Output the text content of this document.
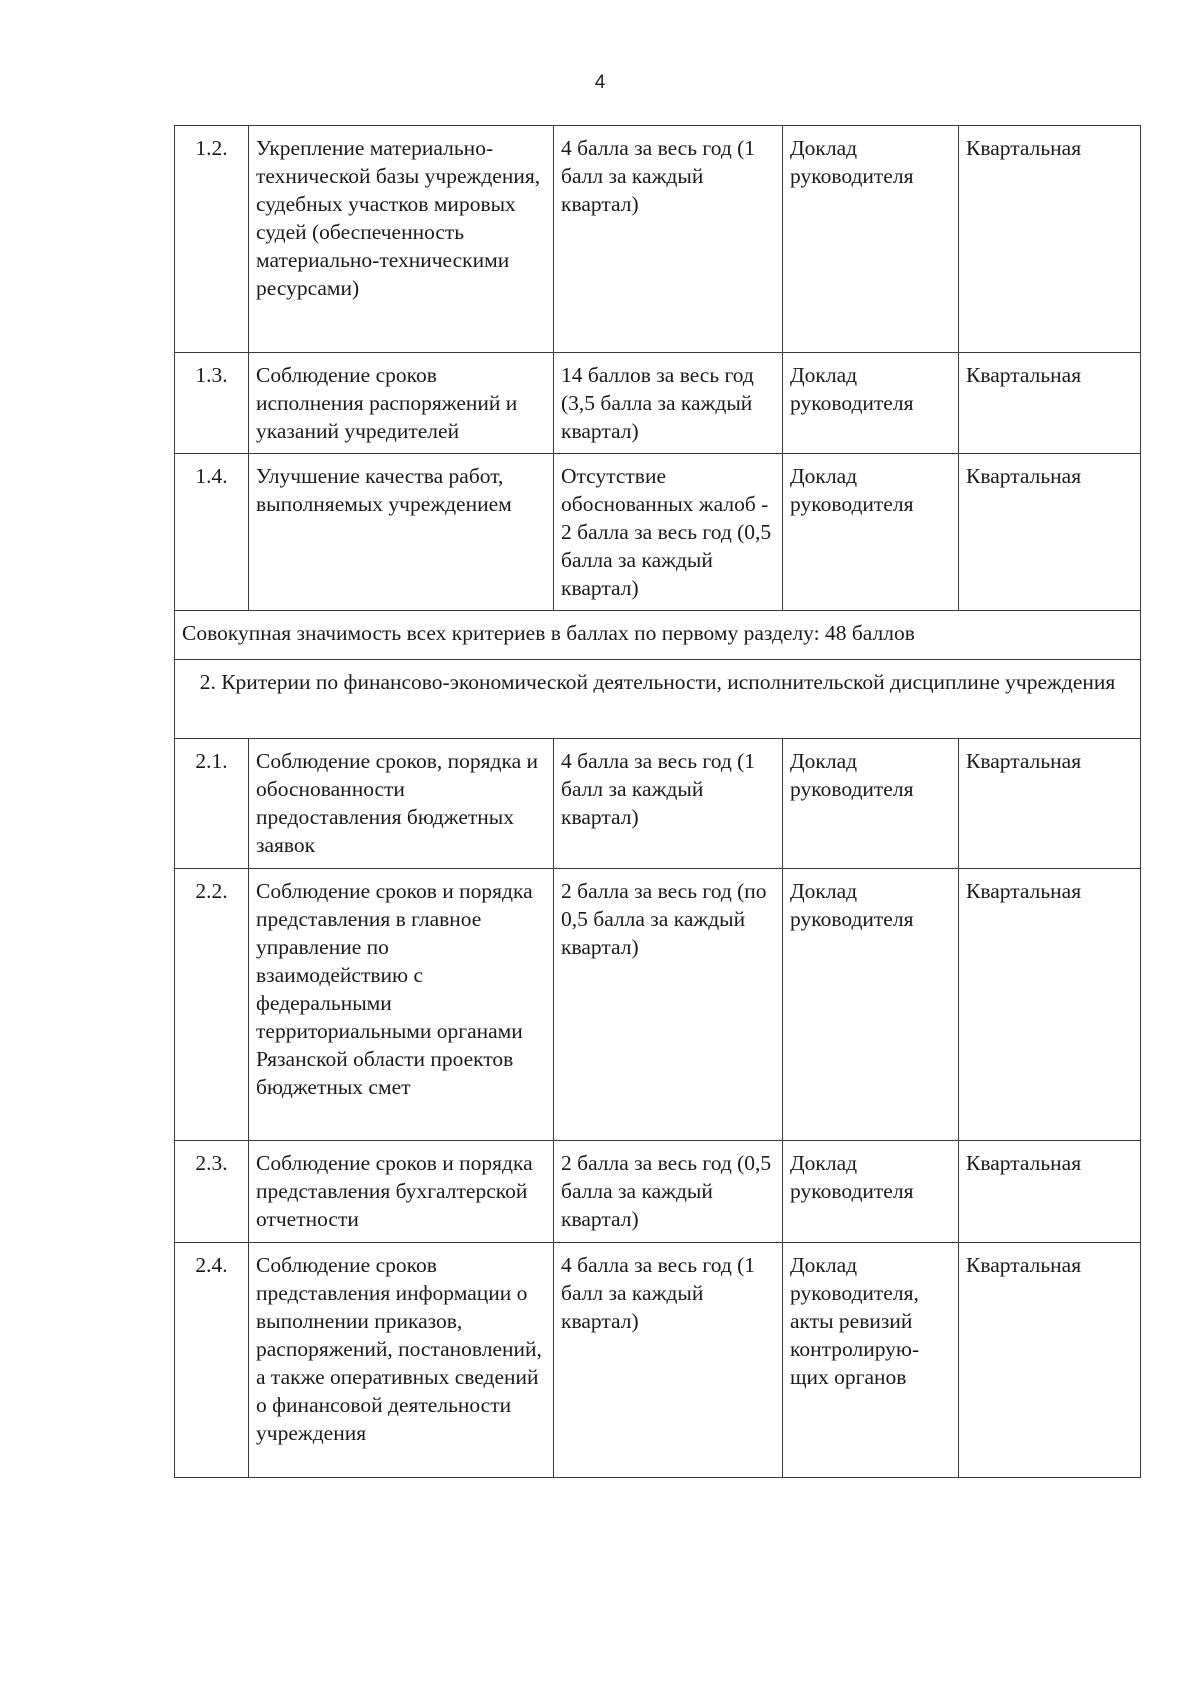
4
1.2.	Укрепление материально-технической базы учреждения, судебных участков мировых судей (обеспеченность материально-техническими ресурсами)	4 балла за весь год (1 балл за каждый квартал)	Доклад руководителя	Квартальная
1.3.	Соблюдение сроков исполнения распоряжений и указаний учредителей	14 баллов за весь год (3,5 балла за каждый квартал)	Доклад руководителя	Квартальная
1.4.	Улучшение качества работ, выполняемых учреждением	Отсутствие обоснованных жалоб - 2 балла за весь год (0,5 балла за каждый квартал)	Доклад руководителя	Квартальная
Совокупная значимость всех критериев в баллах по первому разделу: 48 баллов				
2. Критерии по финансово-экономической деятельности, исполнительской дисциплине учреждения				
2.1.	Соблюдение сроков, порядка и обоснованности предоставления бюджетных заявок	4 балла за весь год (1 балл за каждый квартал)	Доклад руководителя	Квартальная
2.2.	Соблюдение сроков и порядка представления в главное управление по взаимодействию с федеральными территориальными органами Рязанской области проектов бюджетных смет	2 балла за весь год (по 0,5 балла за каждый квартал)	Доклад руководителя	Квартальная
2.3.	Соблюдение сроков и порядка представления бухгалтерской отчетности	2 балла за весь год (0,5 балла за каждый квартал)	Доклад руководителя	Квартальная
2.4.	Соблюдение сроков представления информации о выполнении приказов, распоряжений, постановлений, а также оперативных сведений о финансовой деятельности учреждения	4 балла за весь год (1 балл за каждый квартал)	Доклад руководителя, акты ревизий контролирую-щих органов	Квартальная
